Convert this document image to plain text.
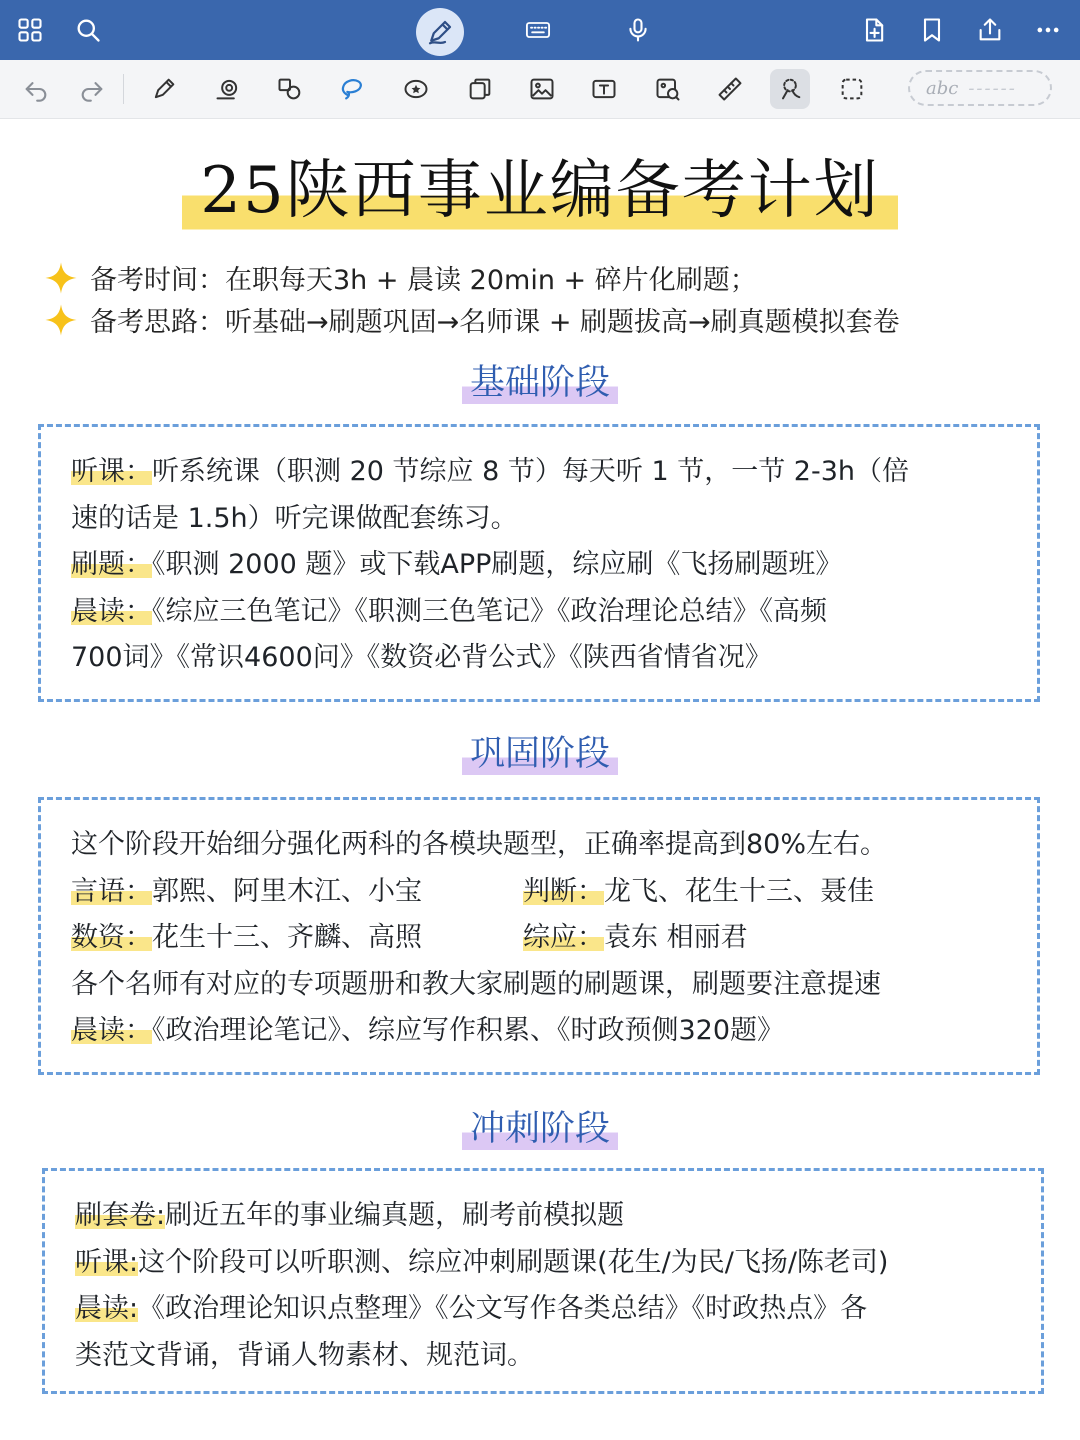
abc ------
25陕西事业编备考计划
备考时间：在职每天3h + 晨读 20min + 碎片化刷题；
备考思路：听基础→刷题巩固→名师课 + 刷题拔高→刷真题模拟套卷
基础阶段
听课：听系统课（职测 20 节综应 8 节）每天听 1 节，一节 2-3h（倍
速的话是 1.5h）听完课做配套练习。
刷题：《职测 2000 题》或下载APP刷题，综应刷《飞扬刷题班》
晨读：《综应三色笔记》《职测三色笔记》《政治理论总结》《高频
700词》《常识4600问》《数资必背公式》《陕西省情省况》
巩固阶段
这个阶段开始细分强化两科的各模块题型，正确率提高到80%左右。
言语：郭熙、阿里木江、小宝	判断：龙飞、花生十三、聂佳
数资：花生十三、齐麟、高照	综应：袁东 相丽君
各个名师有对应的专项题册和教大家刷题的刷题课，刷题要注意提速
晨读：《政治理论笔记》、综应写作积累、《时政预侧320题》
冲刺阶段
刷套卷:刷近五年的事业编真题，刷考前模拟题
听课:这个阶段可以听职测、综应冲刺刷题课(花生/为民/飞扬/陈老司)
晨读:《政治理论知识点整理》《公文写作各类总结》《时政热点》各
类范文背诵，背诵人物素材、规范词。
